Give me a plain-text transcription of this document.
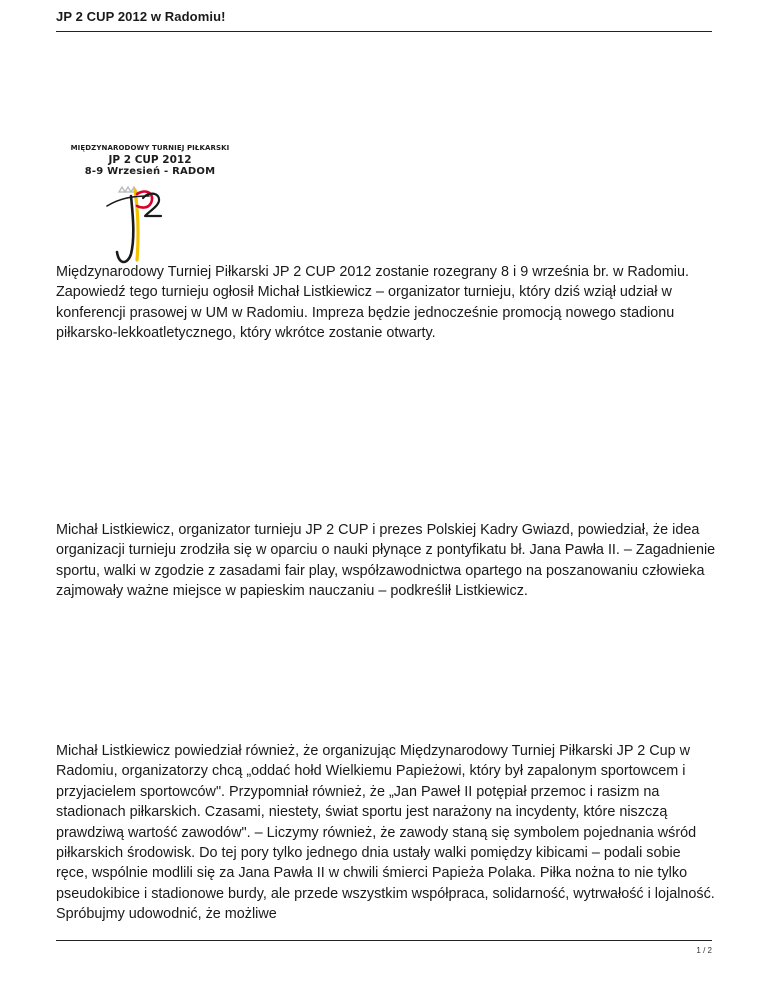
JP 2 CUP 2012 w Radomiu!
MIĘDZYNARODOWY TURNIEJ PIŁKARSKI
JP 2 CUP 2012
8-9 Wrzesień - RADOM

Międzynarodowy Turniej Piłkarski JP 2 CUP 2012 zostanie rozegrany 8 i 9 września br. w Radomiu. Zapowiedź tego turnieju ogłosił Michał Listkiewicz – organizator turnieju, który dziś wziął udział w konferencji prasowej w UM w Radomiu. Impreza będzie jednocześnie promocją nowego stadionu piłkarsko-lekkoatletycznego, który wkrótce zostanie otwarty.

Michał Listkiewicz, organizator turnieju JP 2 CUP i prezes Polskiej Kadry Gwiazd, powiedział, że idea organizacji turnieju zrodziła się w oparciu o nauki płynące z pontyfikatu bł. Jana Pawła II. – Zagadnienie sportu, walki w zgodzie z zasadami fair play, współzawodnictwa opartego na poszanowaniu człowieka zajmowały ważne miejsce w papieskim nauczaniu – podkreślił Listkiewicz.

Michał Listkiewicz powiedział również, że organizując Międzynarodowy Turniej Piłkarski JP 2 Cup w Radomiu, organizatorzy chcą „oddać hołd Wielkiemu Papieżowi, który był zapalonym sportowcem i przyjacielem sportowców". Przypomniał również, że „Jan Paweł II potępiał przemoc i rasizm na stadionach piłkarskich. Czasami, niestety, świat sportu jest narażony na incydenty, które niszczą prawdziwą wartość zawodów". – Liczymy również, że zawody staną się symbolem pojednania wśród piłkarskich środowisk. Do tej pory tylko jednego dnia ustały walki pomiędzy kibicami – podali sobie ręce, wspólnie modlili się za Jana Pawła II w chwili śmierci Papieża Polaka. Piłka nożna to nie tylko pseudokibice i stadionowe burdy, ale przede wszystkim współpraca, solidarność, wytrwałość i lojalność. Spróbujmy udowodnić, że możliwe

1 / 2
